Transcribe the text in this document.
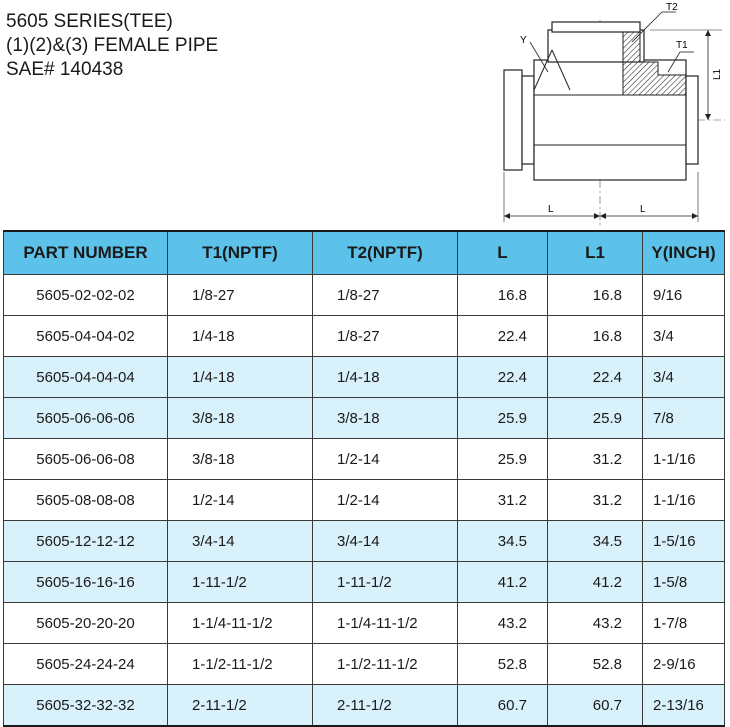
5605 SERIES(TEE)
(1)(2)&(3) FEMALE PIPE
SAE# 140438
Y
T2
T1
L1
L	L
PART NUMBER	T1(NPTF)	T2(NPTF)	L	L1	Y(INCH)
5605-02-02-02	1/8-27	1/8-27	16.8	16.8	9/16
5605-04-04-02	1/4-18	1/8-27	22.4	16.8	3/4
5605-04-04-04	1/4-18	1/4-18	22.4	22.4	3/4
5605-06-06-06	3/8-18	3/8-18	25.9	25.9	7/8
5605-06-06-08	3/8-18	1/2-14	25.9	31.2	1-1/16
5605-08-08-08	1/2-14	1/2-14	31.2	31.2	1-1/16
5605-12-12-12	3/4-14	3/4-14	34.5	34.5	1-5/16
5605-16-16-16	1-11-1/2	1-11-1/2	41.2	41.2	1-5/8
5605-20-20-20	1-1/4-11-1/2	1-1/4-11-1/2	43.2	43.2	1-7/8
5605-24-24-24	1-1/2-11-1/2	1-1/2-11-1/2	52.8	52.8	2-9/16
5605-32-32-32	2-11-1/2	2-11-1/2	60.7	60.7	2-13/16
